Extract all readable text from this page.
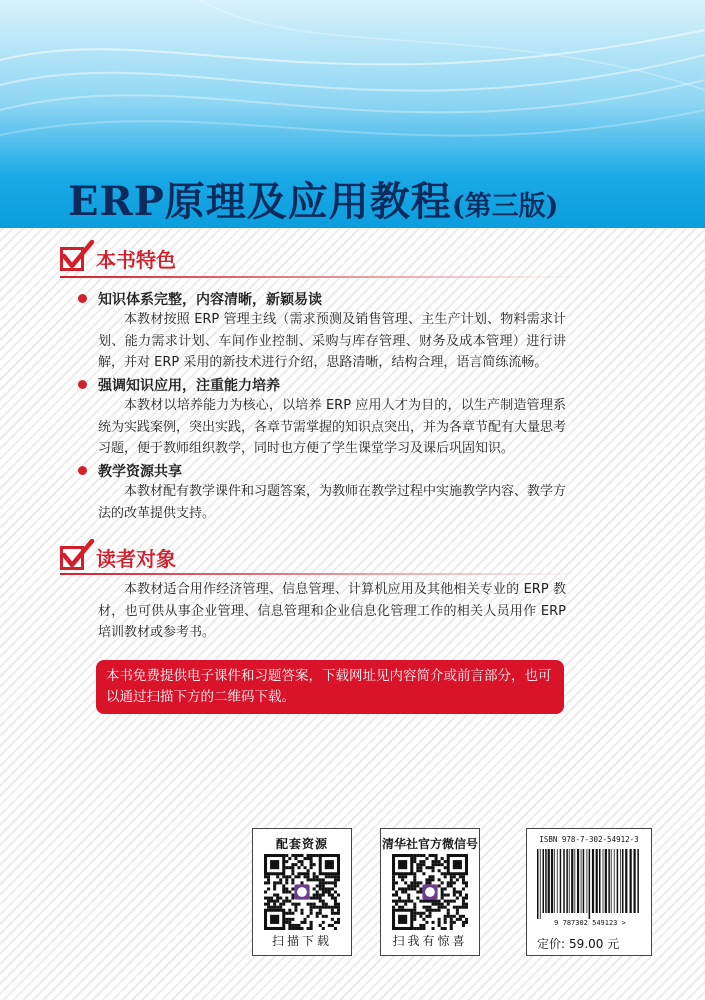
ERP原理及应用教程 (第三版)
本书特色
知识体系完整，内容清晰，新颖易读

本教材按照 ERP 管理主线（需求预测及销售管理、主生产计划、物料需求计划、能力需求计划、车间作业控制、采购与库存管理、财务及成本管理）进行讲解，并对 ERP 采用的新技术进行介绍，思路清晰，结构合理，语言简练流畅。

强调知识应用，注重能力培养

本教材以培养能力为核心，以培养 ERP 应用人才为目的，以生产制造管理系统为实践案例，突出实践，各章节需掌握的知识点突出，并为各章节配有大量思考习题，便于教师组织教学，同时也方便了学生课堂学习及课后巩固知识。

教学资源共享

本教材配有教学课件和习题答案，为教师在教学过程中实施教学内容、教学方法的改革提供支持。

读者对象

本教材适合用作经济管理、信息管理、计算机应用及其他相关专业的 ERP 教材，也可供从事企业管理、信息管理和企业信息化管理工作的相关人员用作 ERP 培训教材或参考书。

本书免费提供电子课件和习题答案，下载网址见内容简介或前言部分，也可以通过扫描下方的二维码下载。

配套资源
扫描下载
清华社官方微信号
扫我有惊喜
ISBN 978-7-302-54912-3
9 787302 549123 >
定价: 59.00 元
